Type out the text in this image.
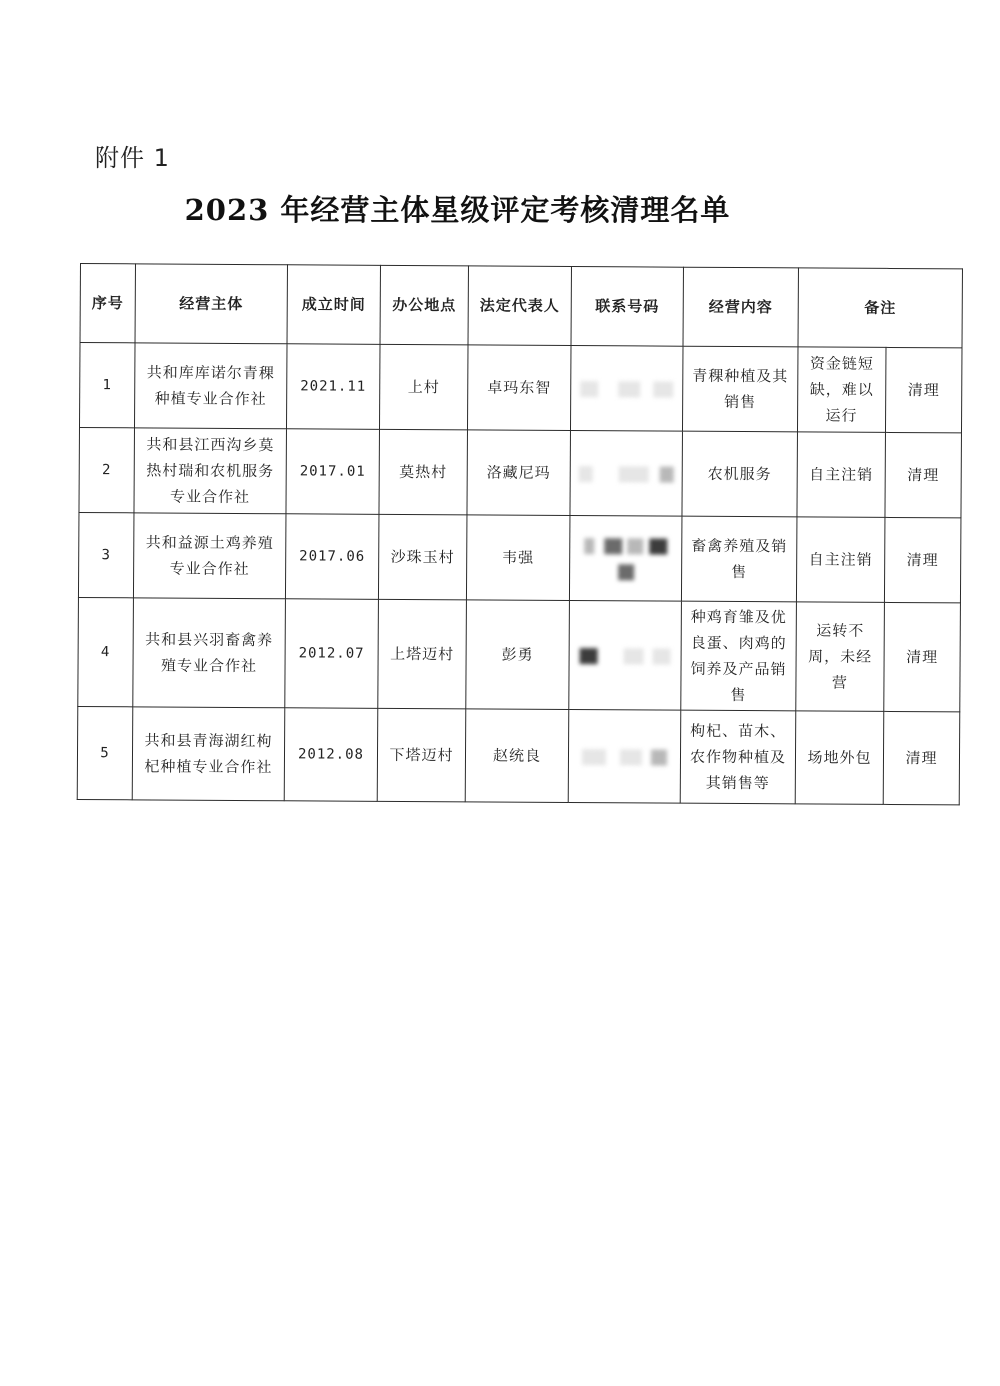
附件 1
2023 年经营主体星级评定考核清理名单
序号	经营主体	成立时间	办公地点	法定代表人	联系号码	经营内容	备注	
1	共和库库诺尔青稞种植专业合作社	2021.11	上村	卓玛东智		青稞种植及其销售	资金链短缺，难以运行	清理
2	共和县江西沟乡莫热村瑞和农机服务专业合作社	2017.01	莫热村	洛藏尼玛		农机服务	自主注销	清理
3	共和益源土鸡养殖专业合作社	2017.06	沙珠玉村	韦强		畜禽养殖及销售	自主注销	清理
4	共和县兴羽畜禽养殖专业合作社	2012.07	上塔迈村	彭勇		种鸡育雏及优良蛋、肉鸡的饲养及产品销售	运转不周，未经营	清理
5	共和县青海湖红枸杞种植专业合作社	2012.08	下塔迈村	赵统良		枸杞、苗木、农作物种植及其销售等	场地外包	清理
